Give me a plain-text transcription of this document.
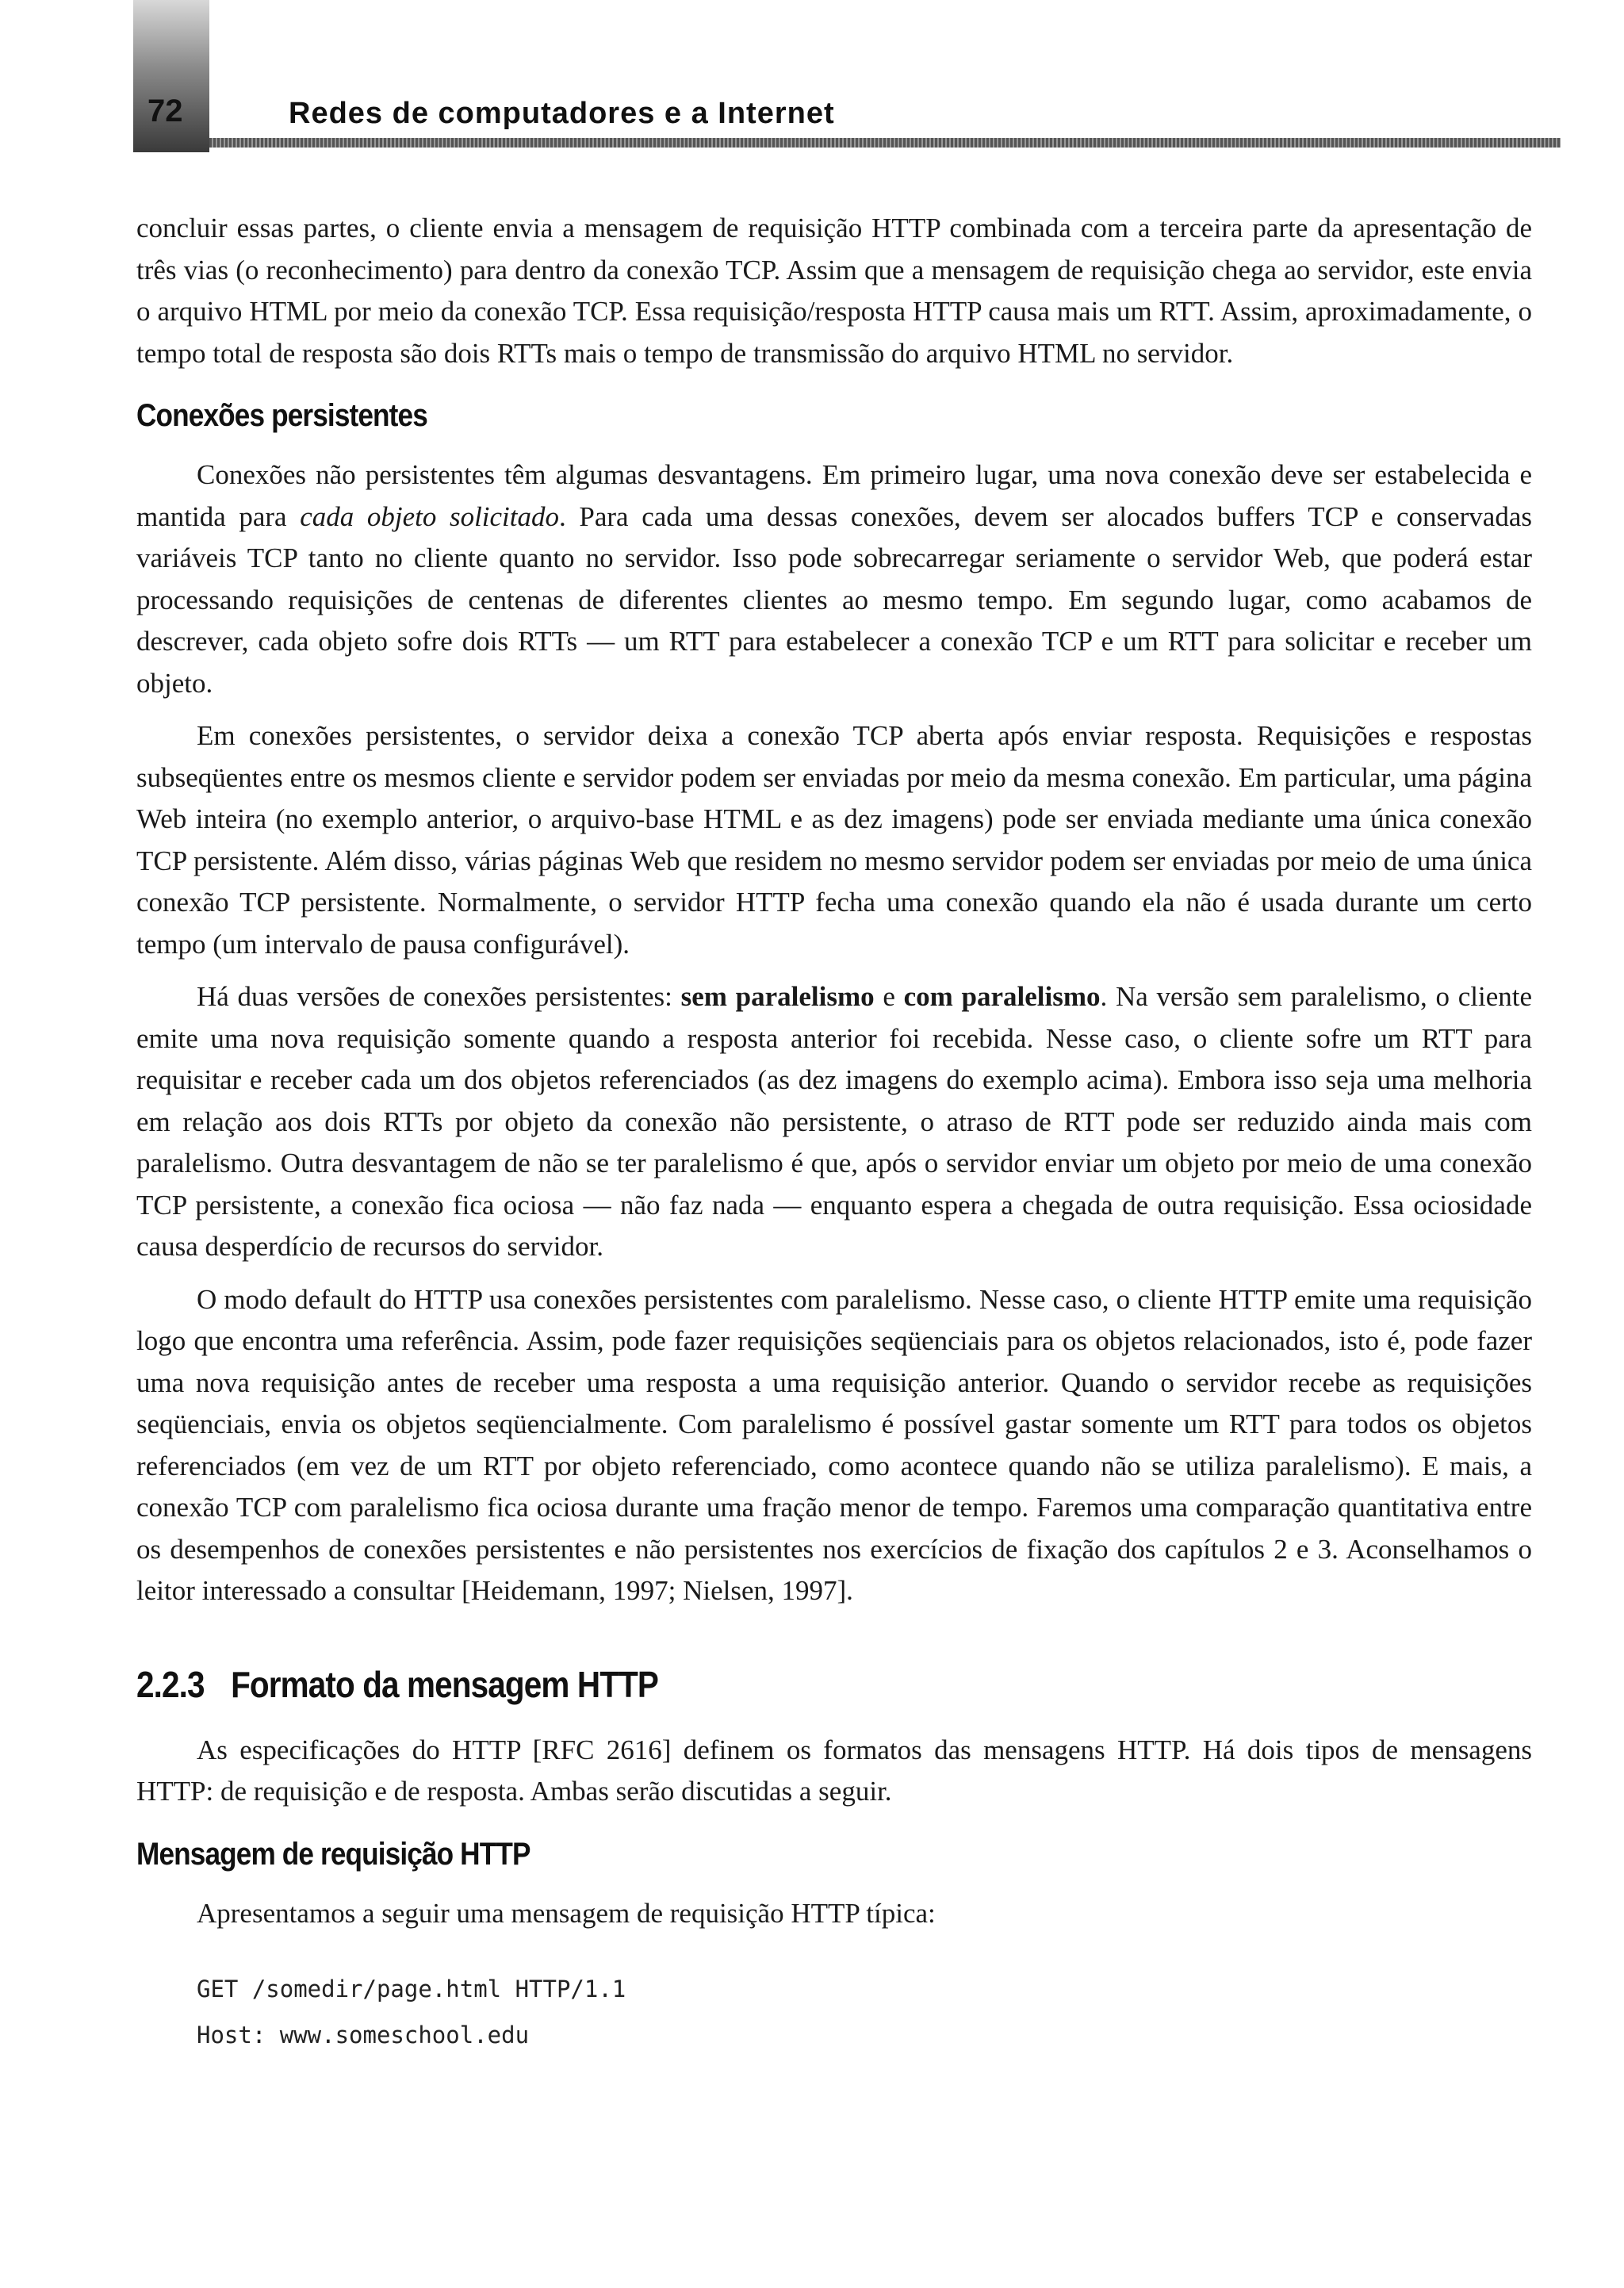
72	Redes de computadores e a Internet

concluir essas partes, o cliente envia a mensagem de requisição HTTP combinada com a terceira parte da apresentação de três vias (o reconhecimento) para dentro da conexão TCP. Assim que a mensagem de requisição chega ao servidor, este envia o arquivo HTML por meio da conexão TCP. Essa requisição/resposta HTTP causa mais um RTT. Assim, aproximadamente, o tempo total de resposta são dois RTTs mais o tempo de transmissão do arquivo HTML no servidor.

Conexões persistentes

Conexões não persistentes têm algumas desvantagens. Em primeiro lugar, uma nova conexão deve ser estabelecida e mantida para cada objeto solicitado. Para cada uma dessas conexões, devem ser alocados buffers TCP e conservadas variáveis TCP tanto no cliente quanto no servidor. Isso pode sobrecarregar seriamente o servidor Web, que poderá estar processando requisições de centenas de diferentes clientes ao mesmo tempo. Em segundo lugar, como acabamos de descrever, cada objeto sofre dois RTTs — um RTT para estabelecer a conexão TCP e um RTT para solicitar e receber um objeto.

Em conexões persistentes, o servidor deixa a conexão TCP aberta após enviar resposta. Requisições e respostas subseqüentes entre os mesmos cliente e servidor podem ser enviadas por meio da mesma conexão. Em particular, uma página Web inteira (no exemplo anterior, o arquivo-base HTML e as dez imagens) pode ser enviada mediante uma única conexão TCP persistente. Além disso, várias páginas Web que residem no mesmo servidor podem ser enviadas por meio de uma única conexão TCP persistente. Normalmente, o servidor HTTP fecha uma conexão quando ela não é usada durante um certo tempo (um intervalo de pausa configurável).

Há duas versões de conexões persistentes: sem paralelismo e com paralelismo. Na versão sem paralelismo, o cliente emite uma nova requisição somente quando a resposta anterior foi recebida. Nesse caso, o cliente sofre um RTT para requisitar e receber cada um dos objetos referenciados (as dez imagens do exemplo acima). Embora isso seja uma melhoria em relação aos dois RTTs por objeto da conexão não persistente, o atraso de RTT pode ser reduzido ainda mais com paralelismo. Outra desvantagem de não se ter paralelismo é que, após o servidor enviar um objeto por meio de uma conexão TCP persistente, a conexão fica ociosa — não faz nada — enquanto espera a chegada de outra requisição. Essa ociosidade causa desperdício de recursos do servidor.

O modo default do HTTP usa conexões persistentes com paralelismo. Nesse caso, o cliente HTTP emite uma requisição logo que encontra uma referência. Assim, pode fazer requisições seqüenciais para os objetos relacionados, isto é, pode fazer uma nova requisição antes de receber uma resposta a uma requisição anterior. Quando o servidor recebe as requisições seqüenciais, envia os objetos seqüencialmente. Com paralelismo é possível gastar somente um RTT para todos os objetos referenciados (em vez de um RTT por objeto referenciado, como acontece quando não se utiliza paralelismo). E mais, a conexão TCP com paralelismo fica ociosa durante uma fração menor de tempo. Faremos uma comparação quantitativa entre os desempenhos de conexões persistentes e não persistentes nos exercícios de fixação dos capítulos 2 e 3. Aconselhamos o leitor interessado a consultar [Heidemann, 1997; Nielsen, 1997].

2.2.3 Formato da mensagem HTTP

As especificações do HTTP [RFC 2616] definem os formatos das mensagens HTTP. Há dois tipos de mensagens HTTP: de requisição e de resposta. Ambas serão discutidas a seguir.

Mensagem de requisição HTTP

Apresentamos a seguir uma mensagem de requisição HTTP típica:

GET /somedir/page.html HTTP/1.1
Host: www.someschool.edu
